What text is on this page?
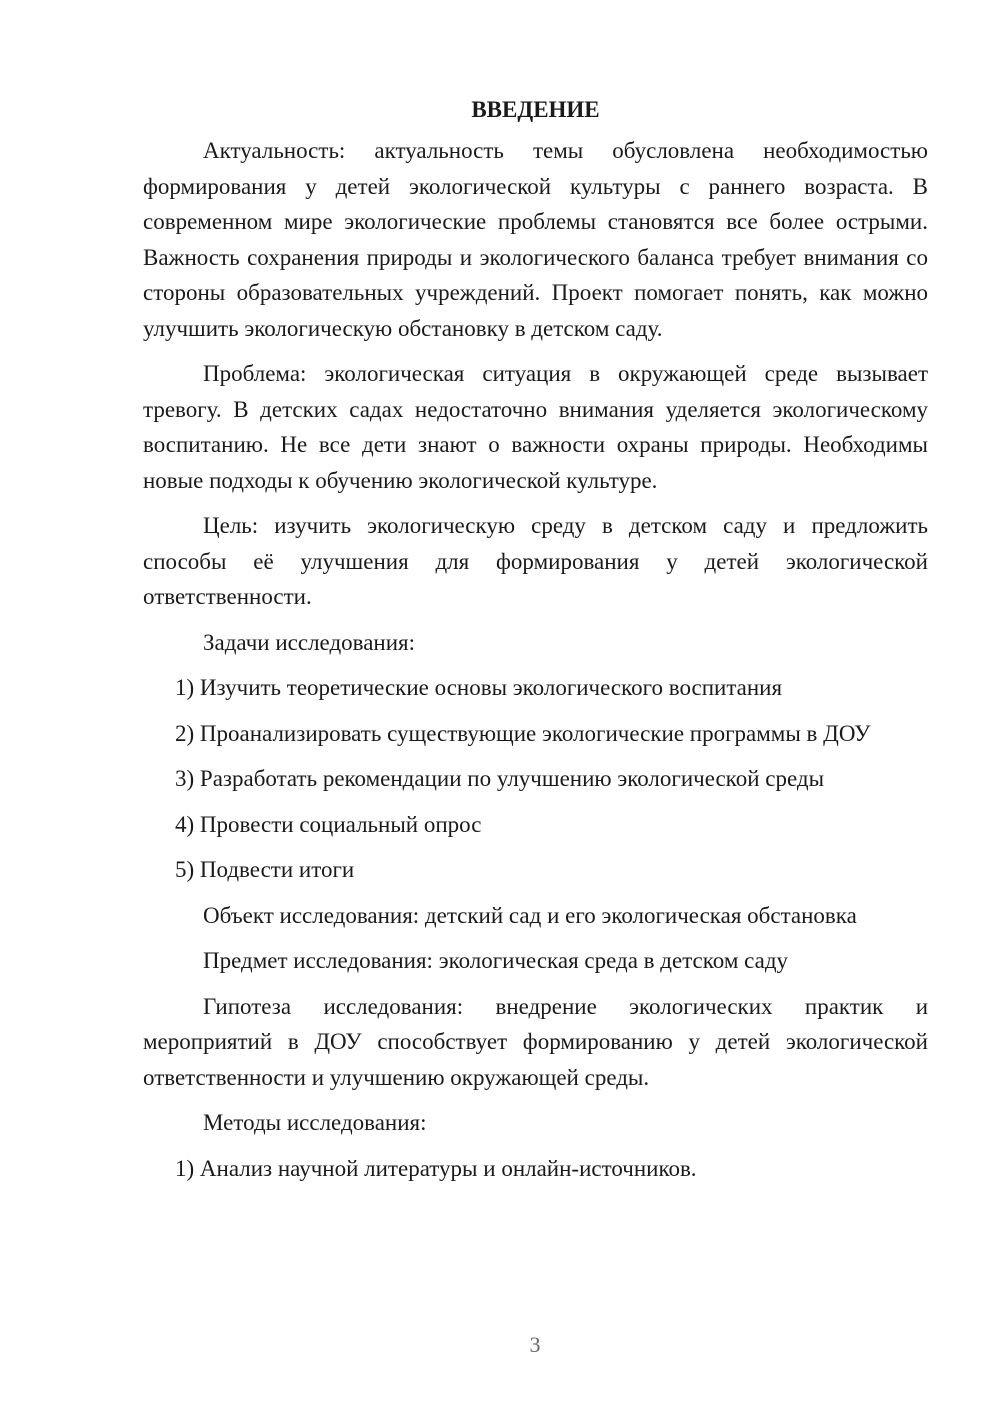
ВВЕДЕНИЕ
Актуальность: актуальность темы обусловлена необходимостью формирования у детей экологической культуры с раннего возраста. В современном мире экологические проблемы становятся все более острыми. Важность сохранения природы и экологического баланса требует внимания со стороны образовательных учреждений. Проект помогает понять, как можно улучшить экологическую обстановку в детском саду.
Проблема: экологическая ситуация в окружающей среде вызывает тревогу. В детских садах недостаточно внимания уделяется экологическому воспитанию. Не все дети знают о важности охраны природы. Необходимы новые подходы к обучению экологической культуре.
Цель: изучить экологическую среду в детском саду и предложить способы её улучшения для формирования у детей экологической ответственности.
Задачи исследования:
1) Изучить теоретические основы экологического воспитания
2) Проанализировать существующие экологические программы в ДОУ
3) Разработать рекомендации по улучшению экологической среды
4) Провести социальный опрос
5) Подвести итоги
Объект исследования: детский сад и его экологическая обстановка
Предмет исследования: экологическая среда в детском саду
Гипотеза исследования: внедрение экологических практик и мероприятий в ДОУ способствует формированию у детей экологической ответственности и улучшению окружающей среды.
Методы исследования:
1) Анализ научной литературы и онлайн-источников.
3
